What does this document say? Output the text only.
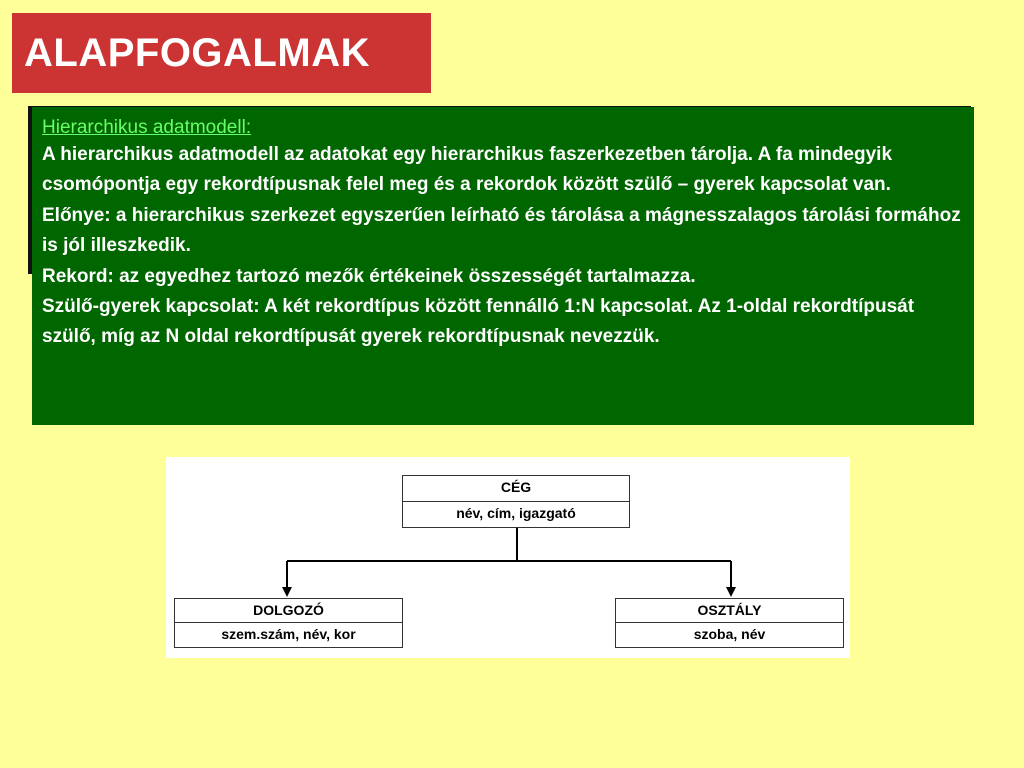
ALAPFOGALMAK
Hierarchikus adatmodell:
A hierarchikus adatmodell az adatokat egy hierarchikus faszerkezetben tárolja. A fa mindegyik csomópontja egy rekordtípusnak felel meg és a rekordok között szülő – gyerek kapcsolat van.
Előnye: a hierarchikus szerkezet egyszerűen leírható és tárolása a mágnesszalagos tárolási formához is jól illeszkedik.
Rekord: az egyedhez tartozó mezők értékeinek összességét tartalmazza.
Szülő-gyerek kapcsolat: A két rekordtípus között fennálló 1:N kapcsolat. Az 1-oldal rekordtípusát szülő, míg az N oldal rekordtípusát gyerek rekordtípusnak nevezzük.
CÉG
név, cím, igazgató
DOLGOZÓ
szem.szám, név, kor
OSZTÁLY
szoba, név
